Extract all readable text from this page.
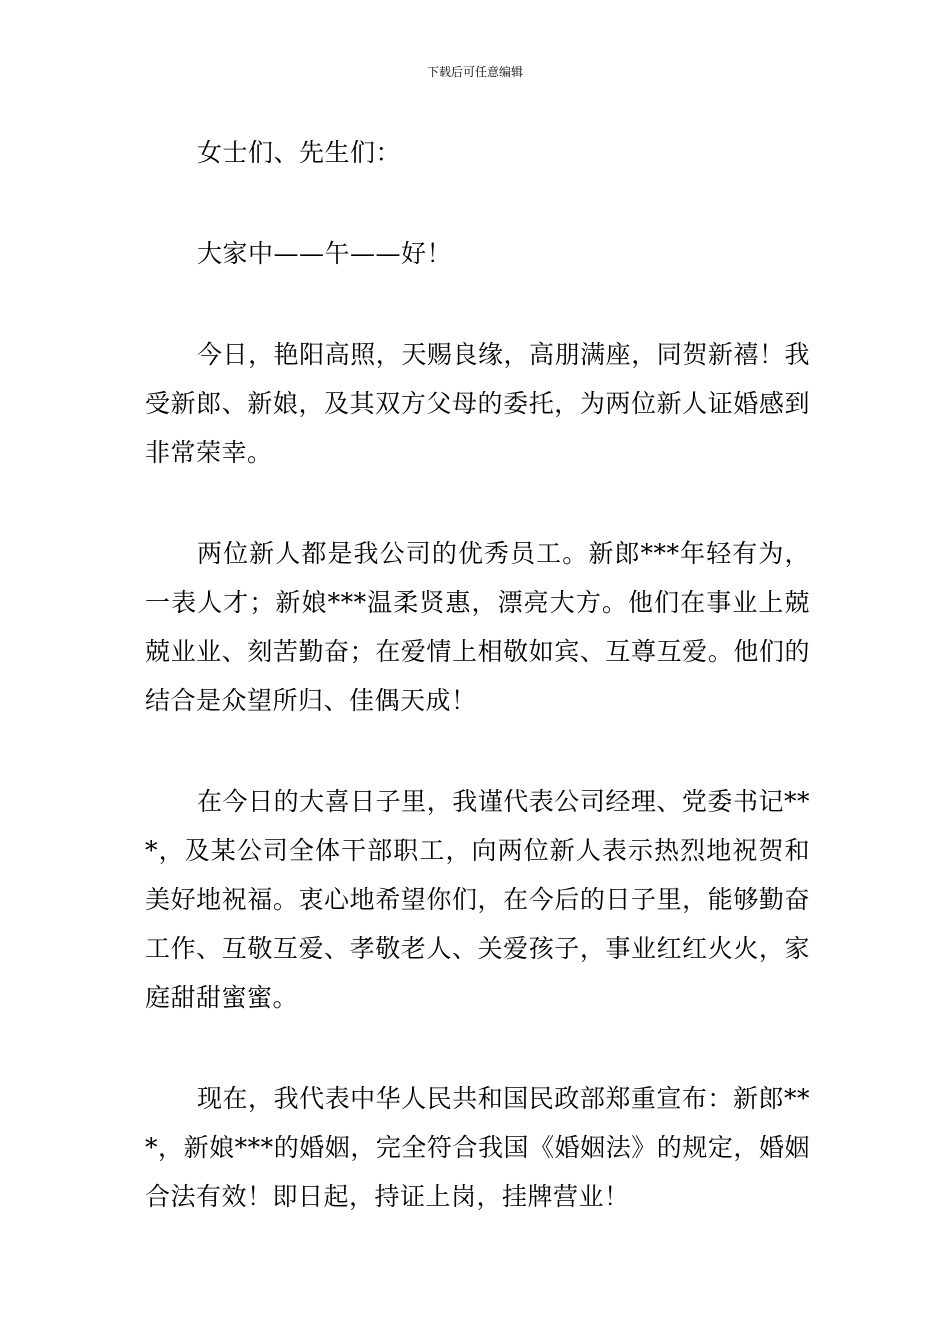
下载后可任意编辑

女士们、先生们：

大家中——午——好！

今日，艳阳高照，天赐良缘，高朋满座，同贺新禧！我受新郎、新娘，及其双方父母的委托，为两位新人证婚感到非常荣幸。

两位新人都是我公司的优秀员工。新郎***年轻有为，一表人才；新娘***温柔贤惠，漂亮大方。他们在事业上兢兢业业、刻苦勤奋；在爱情上相敬如宾、互尊互爱。他们的结合是众望所归、佳偶天成！

在今日的大喜日子里，我谨代表公司经理、党委书记***，及某公司全体干部职工，向两位新人表示热烈地祝贺和美好地祝福。衷心地希望你们，在今后的日子里，能够勤奋工作、互敬互爱、孝敬老人、关爱孩子，事业红红火火，家庭甜甜蜜蜜。

现在，我代表中华人民共和国民政部郑重宣布：新郎***，新娘***的婚姻，完全符合我国《婚姻法》的规定，婚姻合法有效！即日起，持证上岗，挂牌营业！
